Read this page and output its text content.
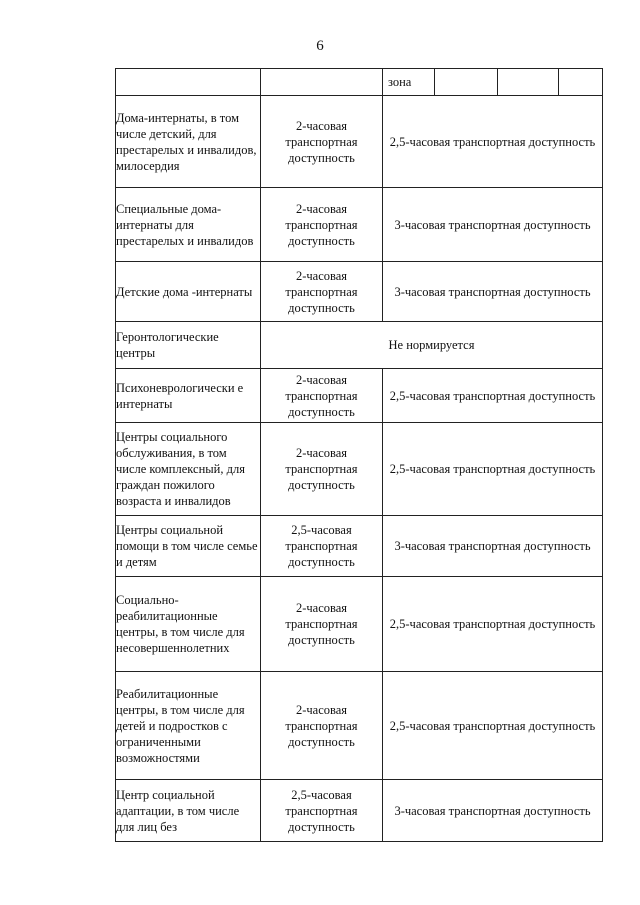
6

зона

Дома-интернаты, в том числе детский, для престарелых и инвалидов, милосердия	2-часовая транспортная доступность	2,5-часовая транспортная доступность

Специальные дома-интернаты для престарелых и инвалидов	2-часовая транспортная доступность	3-часовая транспортная доступность

Детские дома -интернаты	2-часовая транспортная доступность	3-часовая транспортная доступность

Геронтологические центры	Не нормируется	

Психоневрологически е интернаты	2-часовая транспортная доступность	2,5-часовая транспортная доступность

Центры социального обслуживания, в том числе комплексный, для граждан пожилого возраста и инвалидов	2-часовая транспортная доступность	2,5-часовая транспортная доступность

Центры социальной помощи в том числе семье и детям	2,5-часовая транспортная доступность	3-часовая транспортная доступность

Социально-реабилитационные центры, в том числе для несовершеннолетних	2-часовая транспортная доступность	2,5-часовая транспортная доступность

Реабилитационные центры, в том числе для детей и подростков с ограниченными возможностями	2-часовая транспортная доступность	2,5-часовая транспортная доступность

Центр социальной адаптации, в том числе для лиц без	2,5-часовая транспортная доступность	3-часовая транспортная доступность
